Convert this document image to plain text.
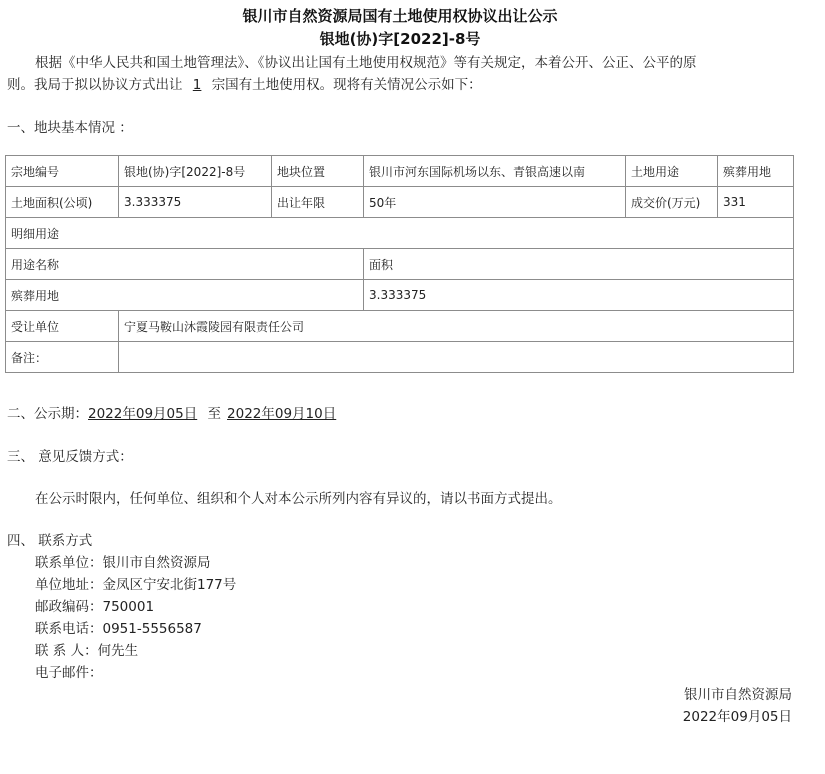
银川市自然资源局国有土地使用权协议出让公示
银地(协)字[2022]-8号
根据《中华人民共和国土地管理法》、《协议出让国有土地使用权规范》等有关规定，本着公开、公正、公平的原
则。我局于拟以协议方式出让 1 宗国有土地使用权。现将有关情况公示如下：
一、地块基本情况 ：
宗地编号	银地(协)字[2022]-8号	地块位置	银川市河东国际机场以东、青银高速以南	土地用途	殡葬用地
土地面积(公顷)	3.333375	出让年限	50年	成交价(万元)	331
明细用途					
用途名称			面积		
殡葬用地			3.333375		
受让单位	宁夏马鞍山沐霞陵园有限责任公司				
备注：					
二、公示期：2022年09月05日 至 2022年09月10日
三、 意见反馈方式：
在公示时限内，任何单位、组织和个人对本公示所列内容有异议的，请以书面方式提出。
四、 联系方式
联系单位：银川市自然资源局
单位地址：金凤区宁安北街177号
邮政编码：750001
联系电话：0951-5556587
联 系 人：何先生
电子邮件：
银川市自然资源局
2022年09月05日
